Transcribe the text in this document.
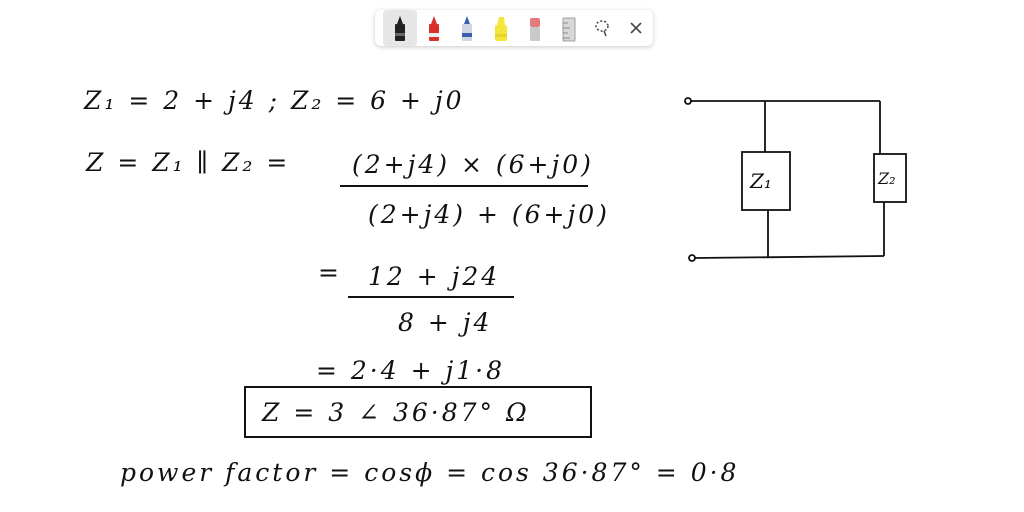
Z₁ = 2 + j4 ; Z₂ = 6 + j0
Z = Z₁ ∥ Z₂ = (2+j4) × (6+j0)
(2+j4) + (6+j0)
= 12 + j24
8 + j4
= 2·4 + j1·8
Z = 3 ∠ 36·87° Ω
power factor = cosϕ = cos 36·87° = 0·8
Z₁	Z₂
